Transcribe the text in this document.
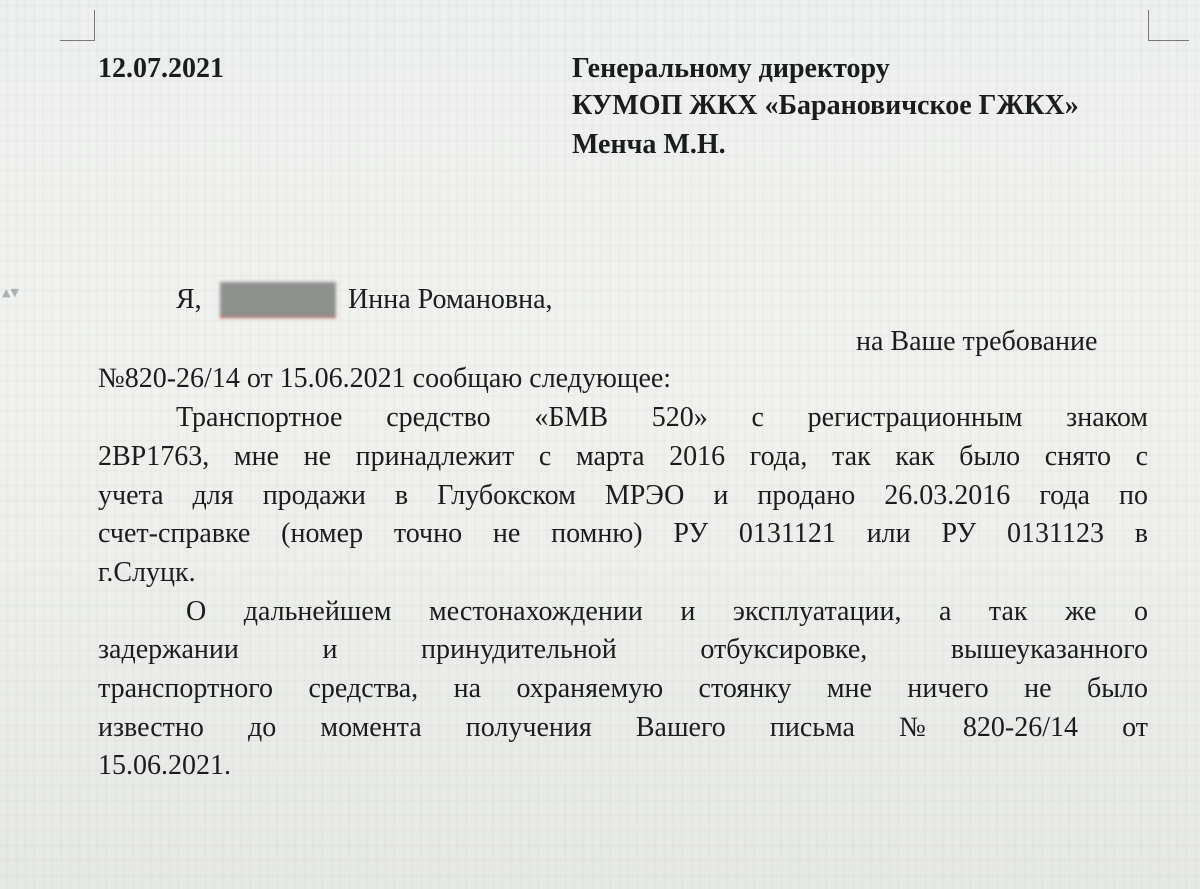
▲▼
12.07.2021	Генеральному директору
КУМОП ЖКХ «Барановичское ГЖКХ»
Менча М.Н.
Я,	Инна Романовна,
на Ваше требование
№820-26/14 от 15.06.2021 сообщаю следующее:
Транспортное средство «БМВ 520» с регистрационным знаком
2ВР1763, мне не принадлежит с марта 2016 года, так как было снято с
учета для продажи в Глубокском МРЭО и продано 26.03.2016 года по
счет-справке (номер точно не помню) РУ 0131121 или РУ 0131123 в
г.Слуцк.
О дальнейшем местонахождении и эксплуатации, а так же о
задержании и принудительной отбуксировке, вышеуказанного
транспортного средства, на охраняемую стоянку мне ничего не было
известно до момента получения Вашего письма №820-26/14 от
15.06.2021.
